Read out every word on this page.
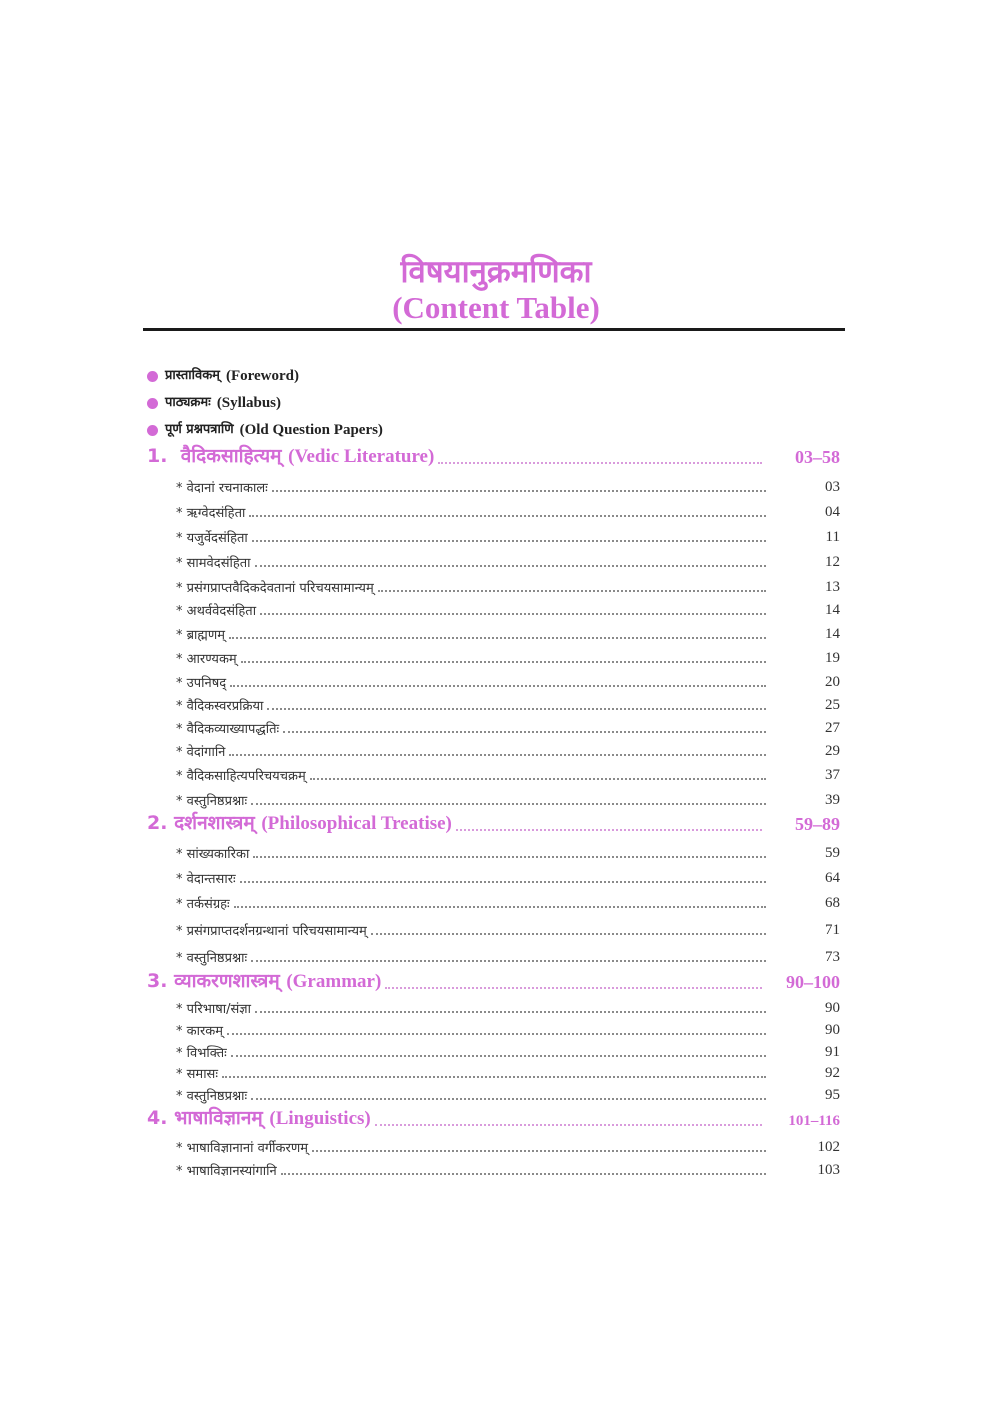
विषयानुक्रमणिका
(Content Table)
प्रास्ताविकम् (Foreword)
पाठ्यक्रमः (Syllabus)
पूर्ण प्रश्नपत्राणि (Old Question Papers)
1. वैदिकसाहित्यम् (Vedic Literature)	03–58
* वेदानां रचनाकालः	03
* ऋग्वेदसंहिता	04
* यजुर्वेदसंहिता	11
* सामवेदसंहिता	12
* प्रसंगप्राप्तवैदिकदेवतानां परिचयसामान्यम्	13
* अथर्ववेदसंहिता	14
* ब्राह्मणम्	14
* आरण्यकम्	19
* उपनिषद्	20
* वैदिकस्वरप्रक्रिया	25
* वैदिकव्याख्यापद्धतिः	27
* वेदांगानि	29
* वैदिकसाहित्यपरिचयचक्रम्	37
* वस्तुनिष्ठप्रश्नाः	39
2. दर्शनशास्त्रम् (Philosophical Treatise)	59–89
* सांख्यकारिका	59
* वेदान्तसारः	64
* तर्कसंग्रहः	68
* प्रसंगप्राप्तदर्शनग्रन्थानां परिचयसामान्यम्	71
* वस्तुनिष्ठप्रश्नाः	73
3. व्याकरणशास्त्रम् (Grammar)	90–100
* परिभाषा/संज्ञा	90
* कारकम्	90
* विभक्तिः	91
* समासः	92
* वस्तुनिष्ठप्रश्नाः	95
4. भाषाविज्ञानम् (Linguistics)	101–116
* भाषाविज्ञानानां वर्गीकरणम्	102
* भाषाविज्ञानस्यांगानि	103
